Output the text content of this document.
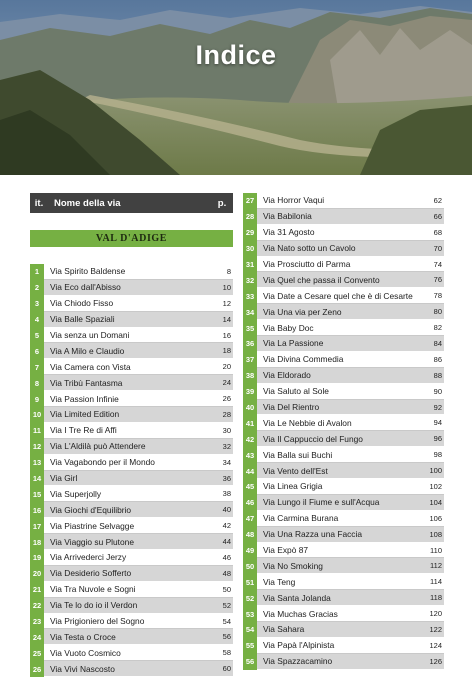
Indice
it.	Nome della via	p.
VAL D'ADIGE
1	Via Spirito Baldense	8
2	Via Eco dall'Abisso	10
3	Via Chiodo Fisso	12
4	Via Balle Spaziali	14
5	Via senza un Domani	16
6	Via A Milo e Claudio	18
7	Via Camera con Vista	20
8	Via Tribù Fantasma	24
9	Via Passion Infinie	26
10	Via Limited Edition	28
11	Via I Tre Re di Affi	30
12	Via L'Aldilà può Attendere	32
13	Via Vagabondo per il Mondo	34
14	Via Girl	36
15	Via Superjolly	38
16	Via Giochi d'Equilibrio	40
17	Via Piastrine Selvagge	42
18	Via Viaggio su Plutone	44
19	Via Arrivederci Jerzy	46
20	Via Desiderio Sofferto	48
21	Via Tra Nuvole e Sogni	50
22	Via Te lo do io il Verdon	52
23	Via Prigioniero del Sogno	54
24	Via Testa o Croce	56
25	Via Vuoto Cosmico	58
26	Via Vivi Nascosto	60
27	Via Horror Vaqui	62
28	Via Babilonia	66
29	Via 31 Agosto	68
30	Via Nato sotto un Cavolo	70
31	Via Prosciutto di Parma	74
32	Via Quel che passa il Convento	76
33	Via Date a Cesare quel che è di Cesarte	78
34	Via Una via per Zeno	80
35	Via Baby Doc	82
36	Via La Passione	84
37	Via Divina Commedia	86
38	Via Eldorado	88
39	Via Saluto al Sole	90
40	Via Del Rientro	92
41	Via Le Nebbie di Avalon	94
42	Via Il Cappuccio del Fungo	96
43	Via Balla sui Buchi	98
44	Via Vento dell'Est	100
45	Via Linea Grigia	102
46	Via Lungo il Fiume e sull'Acqua	104
47	Via Carmina Burana	106
48	Via Una Razza una Faccia	108
49	Via Expò 87	110
50	Via No Smoking	112
51	Via Teng	114
52	Via Santa Jolanda	118
53	Via Muchas Gracias	120
54	Via Sahara	122
55	Via Papà l'Alpinista	124
56	Via Spazzacamino	126
